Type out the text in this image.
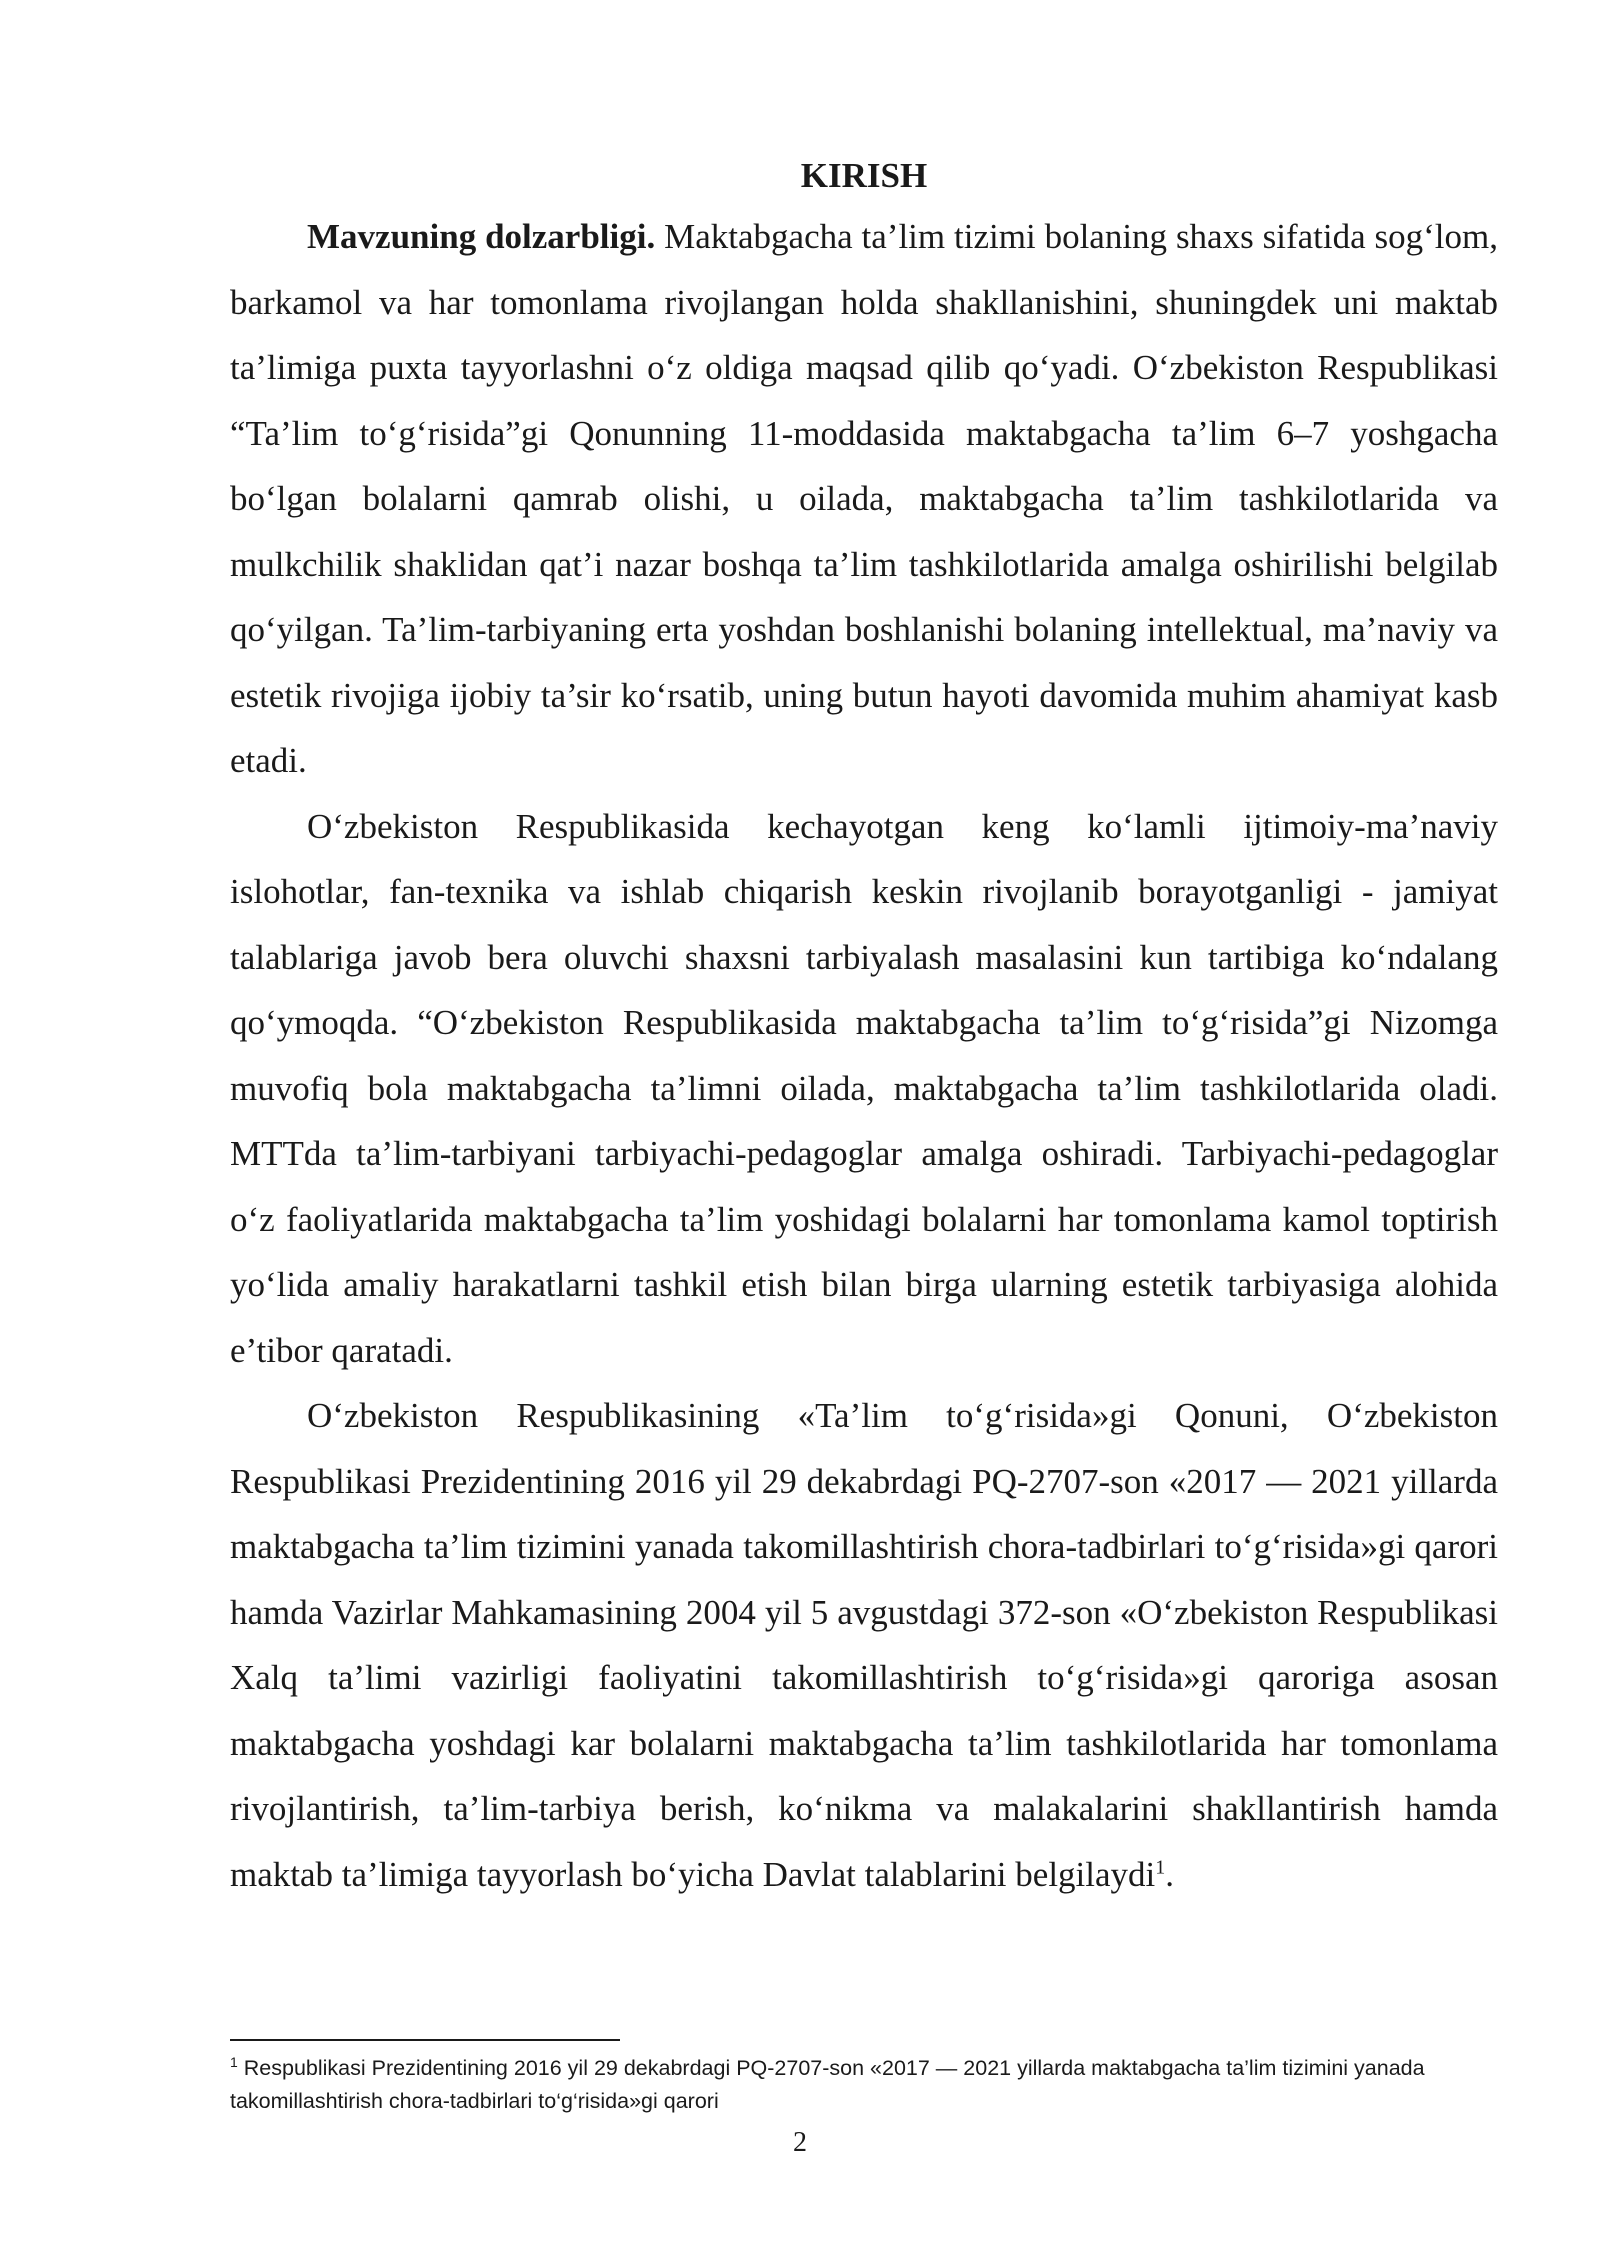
KIRISH

Mavzuning dolzarbligi. Maktabgacha ta’lim tizimi bolaning shaxs sifatida sog‘lom, barkamol va har tomonlama rivojlangan holda shakllanishini, shuningdek uni maktab ta’limiga puxta tayyorlashni o‘z oldiga maqsad qilib qo‘yadi. O‘zbekiston Respublikasi “Ta’lim to‘g‘risida”gi Qonunning 11-moddasida maktabgacha ta’lim 6–7 yoshgacha bo‘lgan bolalarni qamrab olishi, u oilada, maktabgacha ta’lim tashkilotlarida va mulkchilik shaklidan qat’i nazar boshqa ta’lim tashkilotlarida amalga oshirilishi belgilab qo‘yilgan. Ta’lim-tarbiyaning erta yoshdan boshlanishi bolaning intellektual, ma’naviy va estetik rivojiga ijobiy ta’sir ko‘rsatib, uning butun hayoti davomida muhim ahamiyat kasb etadi.

O‘zbekiston Respublikasida kechayotgan keng ko‘lamli ijtimoiy-ma’naviy islohotlar, fan-texnika va ishlab chiqarish keskin rivojlanib borayotganligi - jamiyat talablariga javob bera oluvchi shaxsni tarbiyalash masalasini kun tartibiga ko‘ndalang qo‘ymoqda. “O‘zbekiston Respublikasida maktabgacha ta’lim to‘g‘risida”gi Nizomga muvofiq bola maktabgacha ta’limni oilada, maktabgacha ta’lim tashkilotlarida oladi. MTTda ta’lim-tarbiyani tarbiyachi-pedagoglar amalga oshiradi. Tarbiyachi-pedagoglar o‘z faoliyatlarida maktabgacha ta’lim yoshidagi bolalarni har tomonlama kamol toptirish yo‘lida amaliy harakatlarni tashkil etish bilan birga ularning estetik tarbiyasiga alohida e’tibor qaratadi.

O‘zbekiston Respublikasining «Ta’lim to‘g‘risida»gi Qonuni, O‘zbekiston Respublikasi Prezidentining 2016 yil 29 dekabrdagi PQ-2707-son «2017 — 2021 yillarda maktabgacha ta’lim tizimini yanada takomillashtirish chora-tadbirlari to‘g‘risida»gi qarori hamda Vazirlar Mahkamasining 2004 yil 5 avgustdagi 372-son «O‘zbekiston Respublikasi Xalq ta’limi vazirligi faoliyatini takomillashtirish to‘g‘risida»gi qaroriga asosan maktabgacha yoshdagi kar bolalarni maktabgacha ta’lim tashkilotlarida har tomonlama rivojlantirish, ta’lim-tarbiya berish, ko‘nikma va malakalarini shakllantirish hamda maktab ta’limiga tayyorlash bo‘yicha Davlat talablarini belgilaydi$^1$.

$^1$ Respublikasi Prezidentining 2016 yil 29 dekabrdagi PQ-2707-son «2017 — 2021 yillarda maktabgacha ta’lim tizimini yanada takomillashtirish chora-tadbirlari to‘g‘risida»gi qarori

2
